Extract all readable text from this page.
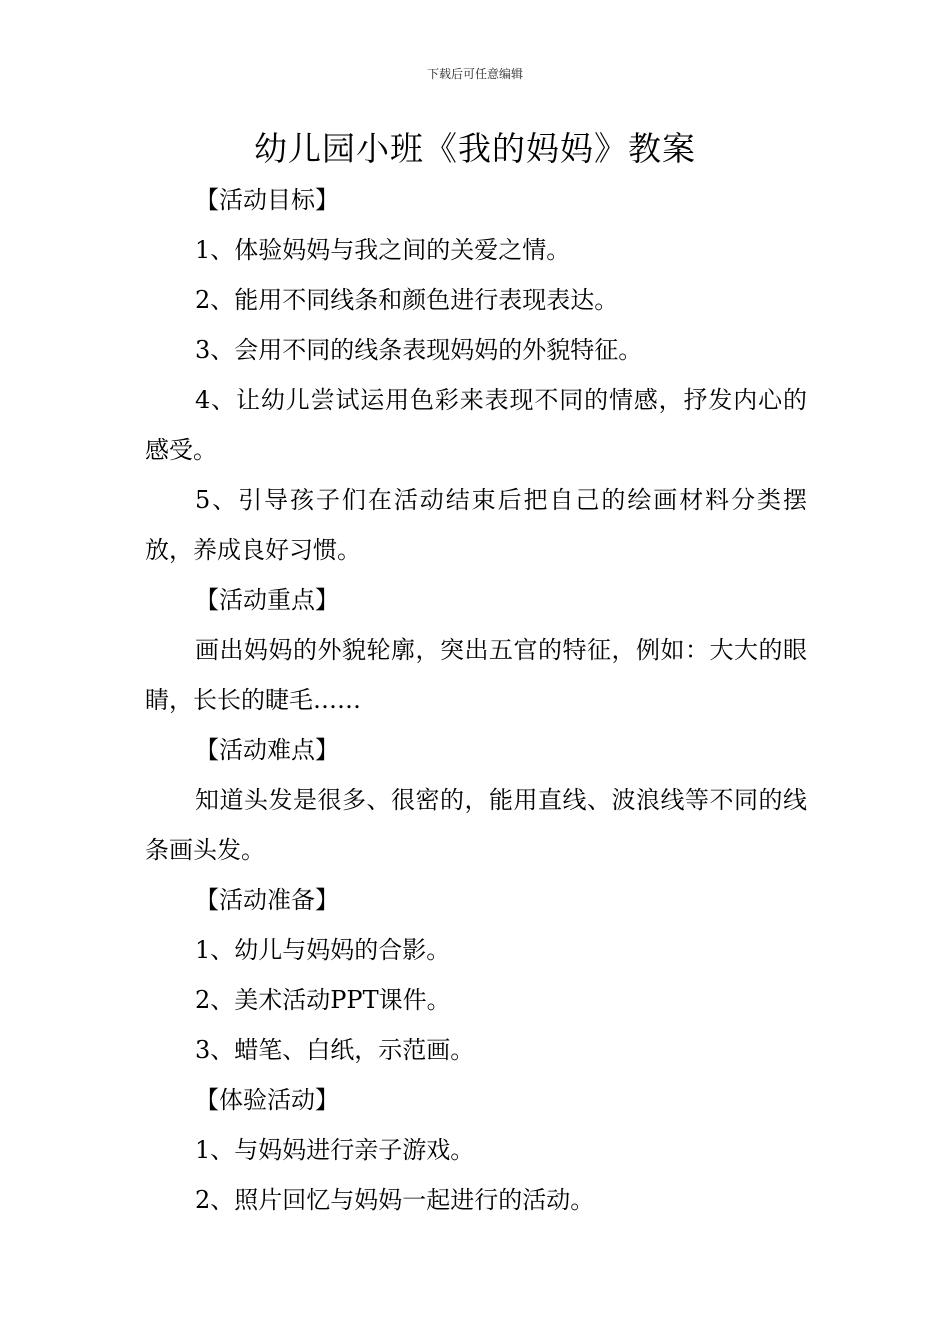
下载后可任意编辑
幼儿园小班《我的妈妈》教案

【活动目标】

1、体验妈妈与我之间的关爱之情。

2、能用不同线条和颜色进行表现表达。

3、会用不同的线条表现妈妈的外貌特征。

4、让幼儿尝试运用色彩来表现不同的情感，抒发内心的感受。

5、引导孩子们在活动结束后把自己的绘画材料分类摆放，养成良好习惯。

【活动重点】

画出妈妈的外貌轮廓，突出五官的特征，例如：大大的眼睛，长长的睫毛……

【活动难点】

知道头发是很多、很密的，能用直线、波浪线等不同的线条画头发。

【活动准备】

1、幼儿与妈妈的合影。

2、美术活动PPT课件。

3、蜡笔、白纸，示范画。

【体验活动】

1、与妈妈进行亲子游戏。

2、照片回忆与妈妈一起进行的活动。
